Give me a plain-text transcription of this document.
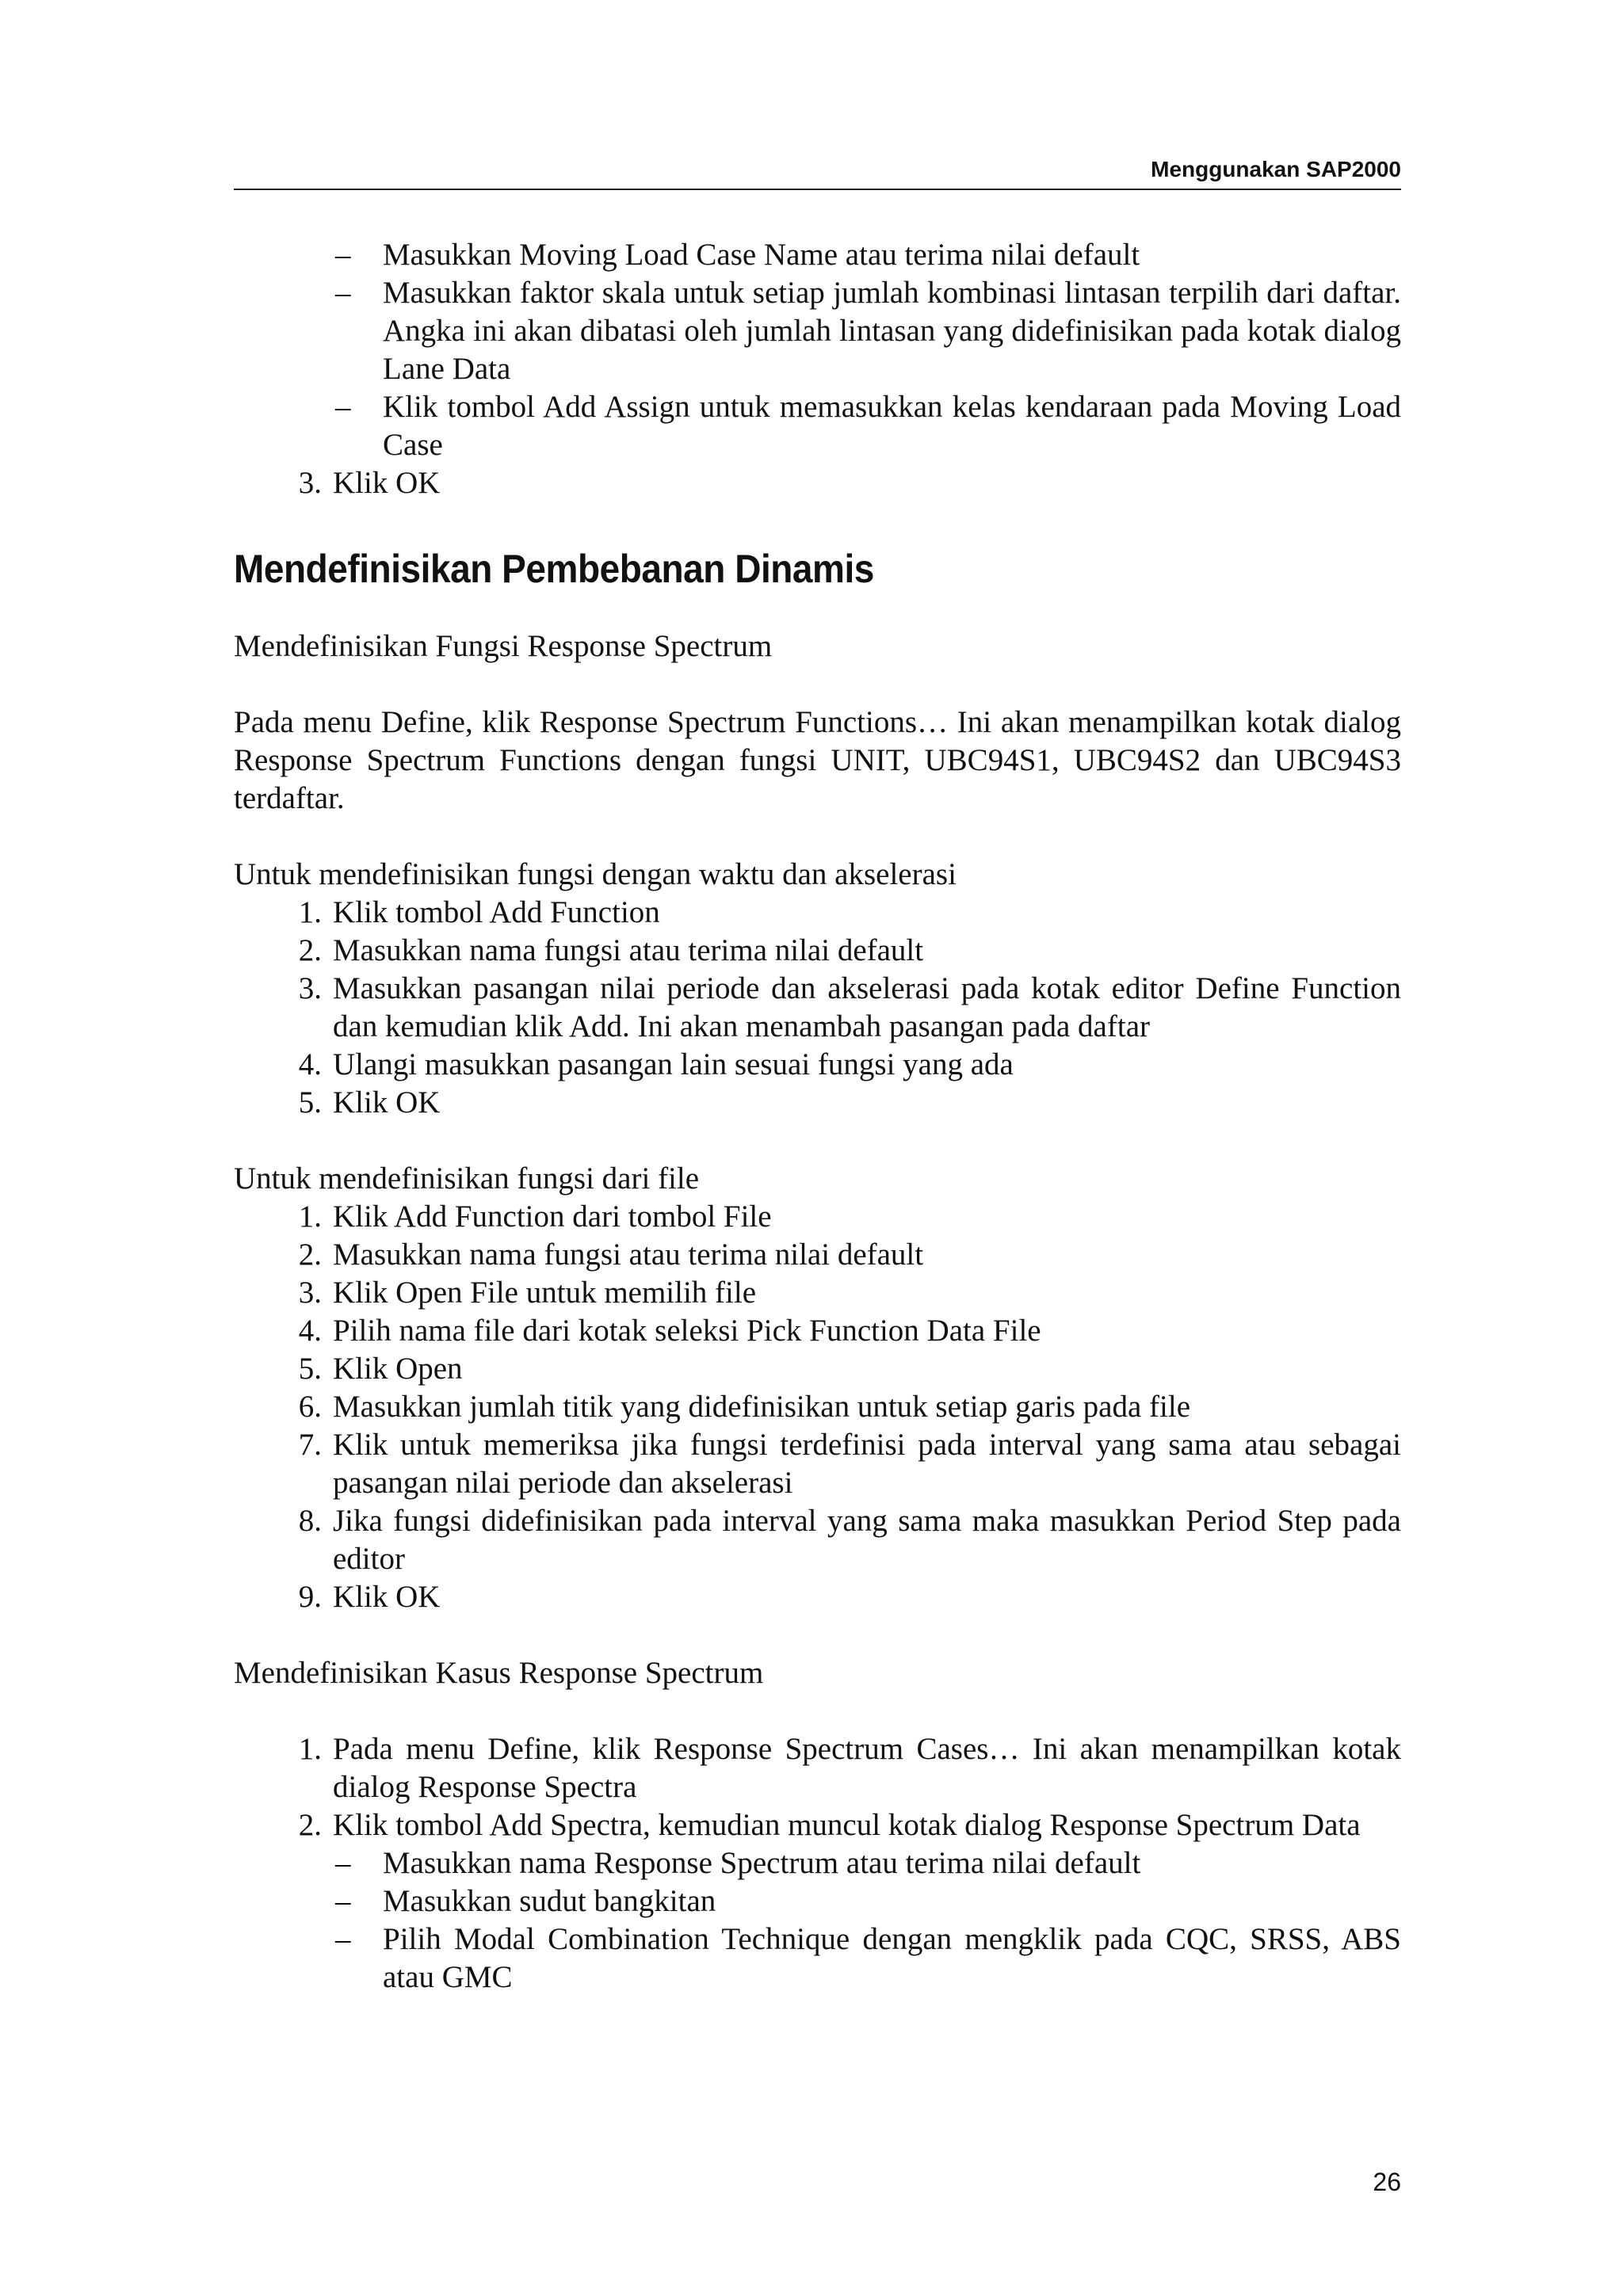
Menggunakan SAP2000
– Masukkan Moving Load Case Name atau terima nilai default
– Masukkan faktor skala untuk setiap jumlah kombinasi lintasan terpilih dari daftar. Angka ini akan dibatasi oleh jumlah lintasan yang didefinisikan pada kotak dialog Lane Data
– Klik tombol Add Assign untuk memasukkan kelas kendaraan pada Moving Load Case
3. Klik OK
Mendefinisikan Pembebanan Dinamis

Mendefinisikan Fungsi Response Spectrum

Pada menu Define, klik Response Spectrum Functions… Ini akan menampilkan kotak dialog Response Spectrum Functions dengan fungsi UNIT, UBC94S1, UBC94S2 dan UBC94S3 terdaftar.

Untuk mendefinisikan fungsi dengan waktu dan akselerasi

1. Klik tombol Add Function
2. Masukkan nama fungsi atau terima nilai default
3. Masukkan pasangan nilai periode dan akselerasi pada kotak editor Define Function dan kemudian klik Add. Ini akan menambah pasangan pada daftar
4. Ulangi masukkan pasangan lain sesuai fungsi yang ada
5. Klik OK

Untuk mendefinisikan fungsi dari file

1. Klik Add Function dari tombol File
2. Masukkan nama fungsi atau terima nilai default
3. Klik Open File untuk memilih file
4. Pilih nama file dari kotak seleksi Pick Function Data File
5. Klik Open
6. Masukkan jumlah titik yang didefinisikan untuk setiap garis pada file
7. Klik untuk memeriksa jika fungsi terdefinisi pada interval yang sama atau sebagai pasangan nilai periode dan akselerasi
8. Jika fungsi didefinisikan pada interval yang sama maka masukkan Period Step pada editor
9. Klik OK

Mendefinisikan Kasus Response Spectrum

1. Pada menu Define, klik Response Spectrum Cases… Ini akan menampilkan kotak dialog Response Spectra
2. Klik tombol Add Spectra, kemudian muncul kotak dialog Response Spectrum Data
– Masukkan nama Response Spectrum atau terima nilai default
– Masukkan sudut bangkitan
– Pilih Modal Combination Technique dengan mengklik pada CQC, SRSS, ABS atau GMC
26
